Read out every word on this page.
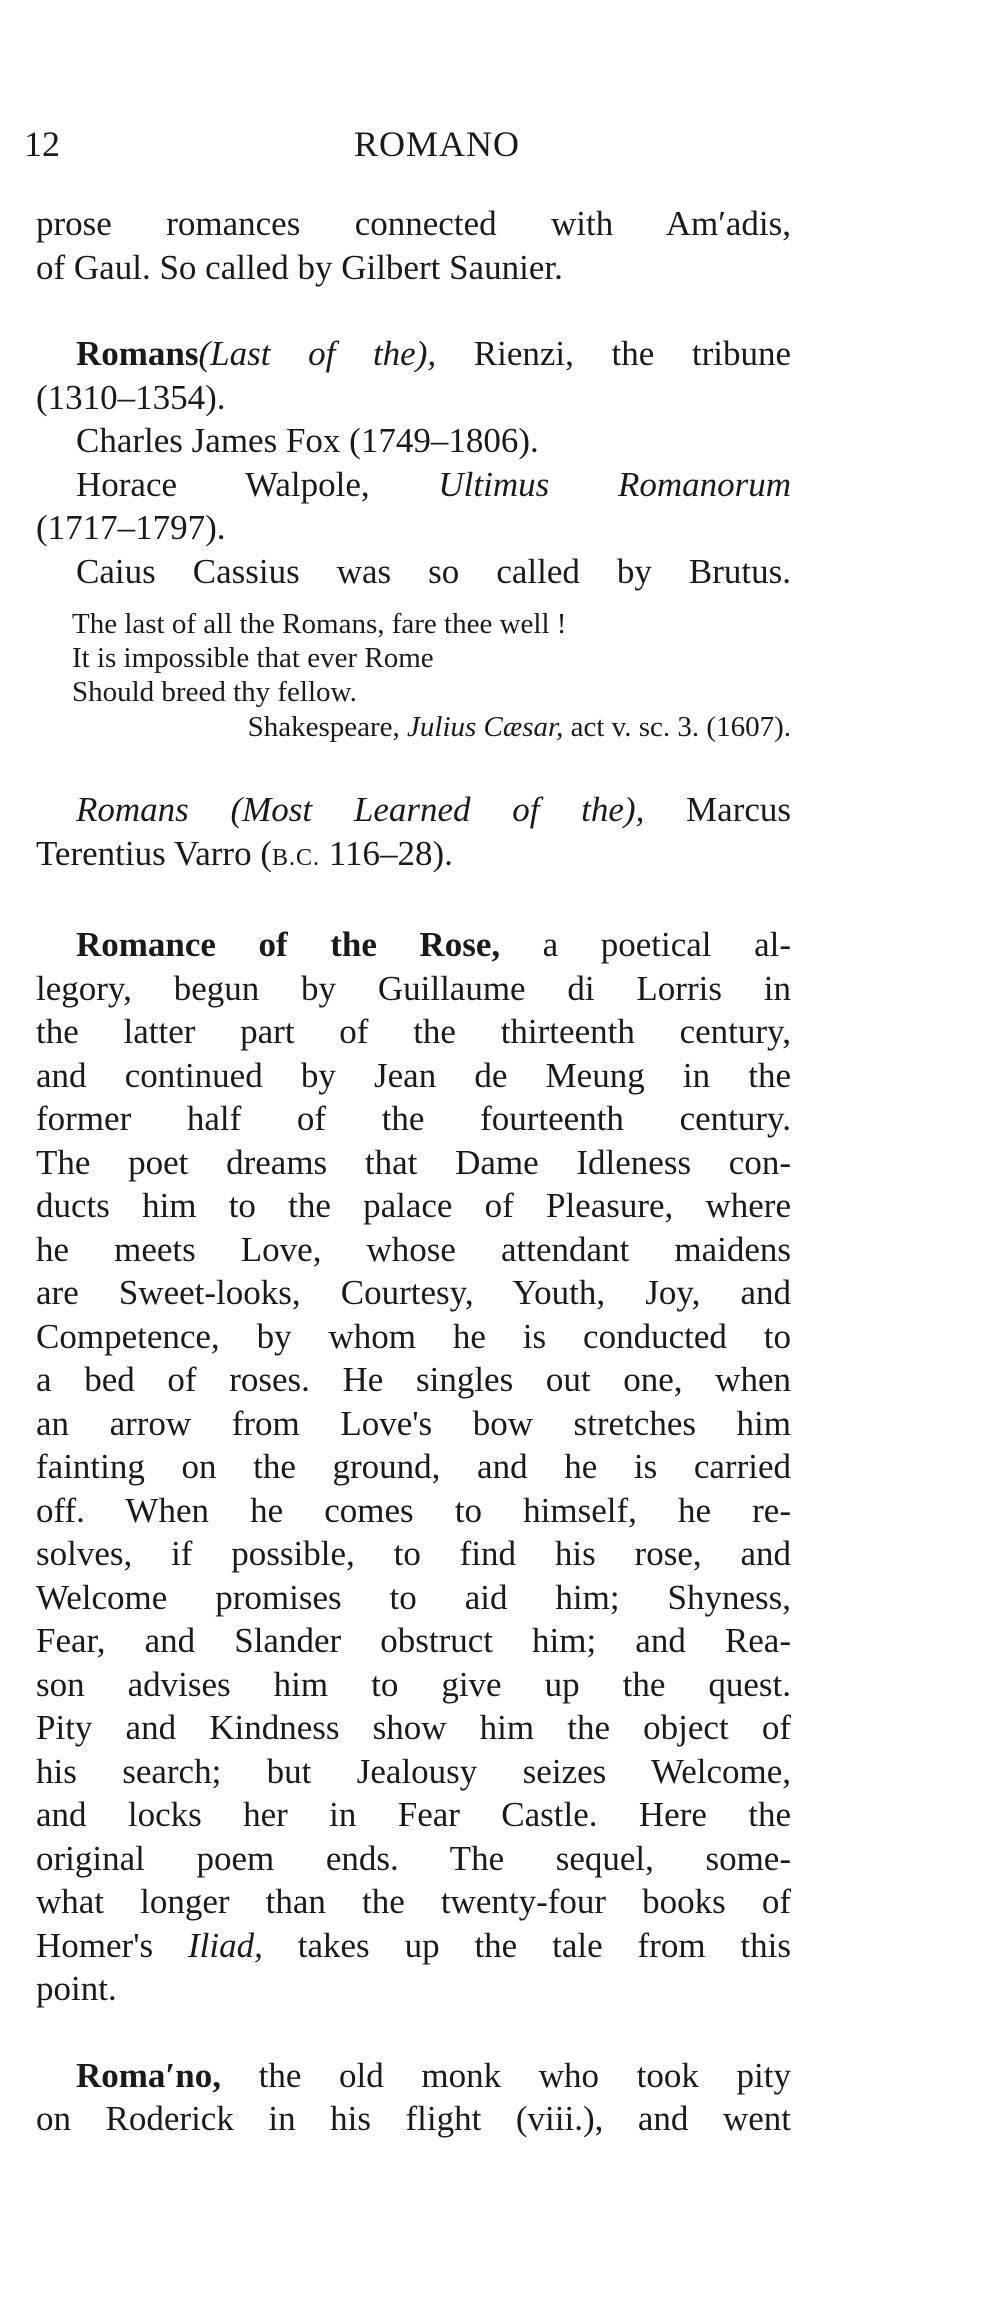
12	ROMANO
prose romances connected with Am′adis,
of Gaul. So called by Gilbert Saunier.
Romans(Last of the), Rienzi, the tribune
(1310–1354).
Charles James Fox (1749–1806).
Horace Walpole, Ultimus Romanorum
(1717–1797).
Caius Cassius was so called by Brutus.
The last of all the Romans, fare thee well !
It is impossible that ever Rome
Should breed thy fellow.
Shakespeare, Julius Cæsar, act v. sc. 3. (1607).
Romans (Most Learned of the), Marcus
Terentius Varro (B.C. 116–28).
Romance of the Rose, a poetical al-
legory, begun by Guillaume di Lorris in
the latter part of the thirteenth century,
and continued by Jean de Meung in the
former half of the fourteenth century.
The poet dreams that Dame Idleness con-
ducts him to the palace of Pleasure, where
he meets Love, whose attendant maidens
are Sweet-looks, Courtesy, Youth, Joy, and
Competence, by whom he is conducted to
a bed of roses. He singles out one, when
an arrow from Love's bow stretches him
fainting on the ground, and he is carried
off. When he comes to himself, he re-
solves, if possible, to find his rose, and
Welcome promises to aid him; Shyness,
Fear, and Slander obstruct him; and Rea-
son advises him to give up the quest.
Pity and Kindness show him the object of
his search; but Jealousy seizes Welcome,
and locks her in Fear Castle. Here the
original poem ends. The sequel, some-
what longer than the twenty-four books of
Homer's Iliad, takes up the tale from this
point.
Roma′no, the old monk who took pity
on Roderick in his flight (viii.), and went
